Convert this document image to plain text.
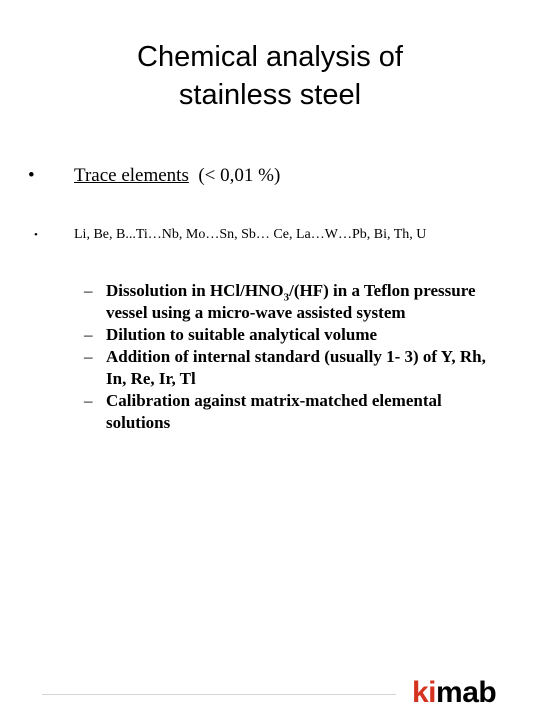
Chemical analysis of
stainless steel
• Trace elements  (< 0,01 %)
•	Li, Be, B...Ti…Nb, Mo…Sn, Sb… Ce, La…W…Pb, Bi, Th, U
– Dissolution in HCl/$HNO_3/(HF)$ in a Teflon pressure vessel using a micro-wave assisted system
– Dilution to suitable analytical volume
– Addition of internal standard (usually 1- 3) of Y, Rh, In, Re, Ir, Tl
– Calibration against matrix-matched elemental solutions
kimab
